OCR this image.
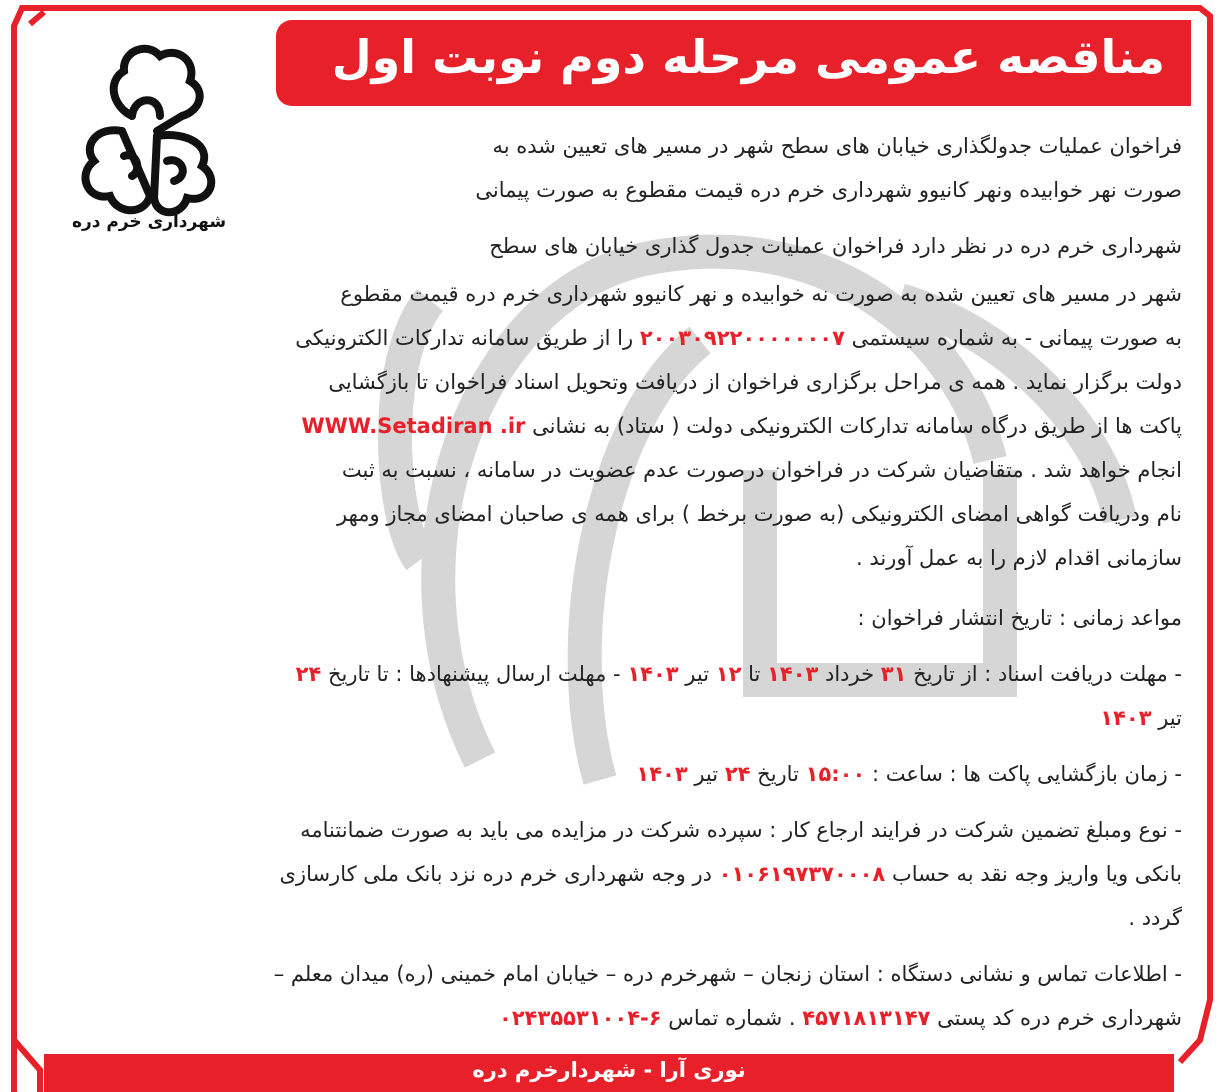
مناقصه عمومی مرحله دوم نوبت اول
شهرداری خرم دره
فراخوان عملیات جدولگذاری خیابان های سطح شهر در مسیر های تعیین شده به
صورت نهر خوابیده ونهر کانیوو شهرداری خرم دره قیمت مقطوع به صورت پیمانی
شهرداری خرم دره در نظر دارد فراخوان عملیات جدول گذاری خیابان های سطح
شهر در مسیر های تعیین شده به صورت نه خوابیده و نهر کانیوو شهرداری خرم دره قیمت مقطوع
به صورت پیمانی - به شماره سیستمی ۲۰۰۳۰۹۲۲۰۰۰۰۰۰۰۷ را از طریق سامانه تدارکات الکترونیکی
دولت برگزار نماید . همه ی مراحل برگزاری فراخوان از دریافت وتحویل اسناد فراخوان تا بازگشایی
پاکت ها از طریق درگاه سامانه تدارکات الکترونیکی دولت ( ستاد) به نشانی WWW.Setadiran .ir
انجام خواهد شد . متقاضیان شرکت در فراخوان درصورت عدم عضویت در سامانه ، نسبت به ثبت
نام ودریافت گواهی امضای الکترونیکی (به صورت برخط ) برای همه ی صاحبان امضای مجاز ومهر
سازمانی اقدام لازم را به عمل آورند .
مواعد زمانی : تاریخ انتشار فراخوان :
- مهلت دریافت اسناد : از تاریخ ۳۱ خرداد ۱۴۰۳ تا ۱۲ تیر ۱۴۰۳ - مهلت ارسال پیشنهادها : تا تاریخ ۲۴
تیر ۱۴۰۳
- زمان بازگشایی پاکت ها : ساعت : ۱۵:۰۰ تاریخ ۲۴ تیر ۱۴۰۳
- نوع ومبلغ تضمین شرکت در فرایند ارجاع کار : سپرده شرکت در مزایده می باید به صورت ضمانتنامه
بانکی ویا واریز وجه نقد به حساب ۰۱۰۶۱۹۷۳۷۰۰۰۸ در وجه شهرداری خرم دره نزد بانک ملی کارسازی
گردد .
- اطلاعات تماس و نشانی دستگاه : استان زنجان – شهرخرم دره – خیابان امام خمینی (ره) میدان معلم –
شهرداری خرم دره کد پستی ۴۵۷۱۸۱۳۱۴۷ . شماره تماس ۰۲۴۳۵۵۳۱۰۰۴-۶
نوری آرا - شهردارخرم دره
